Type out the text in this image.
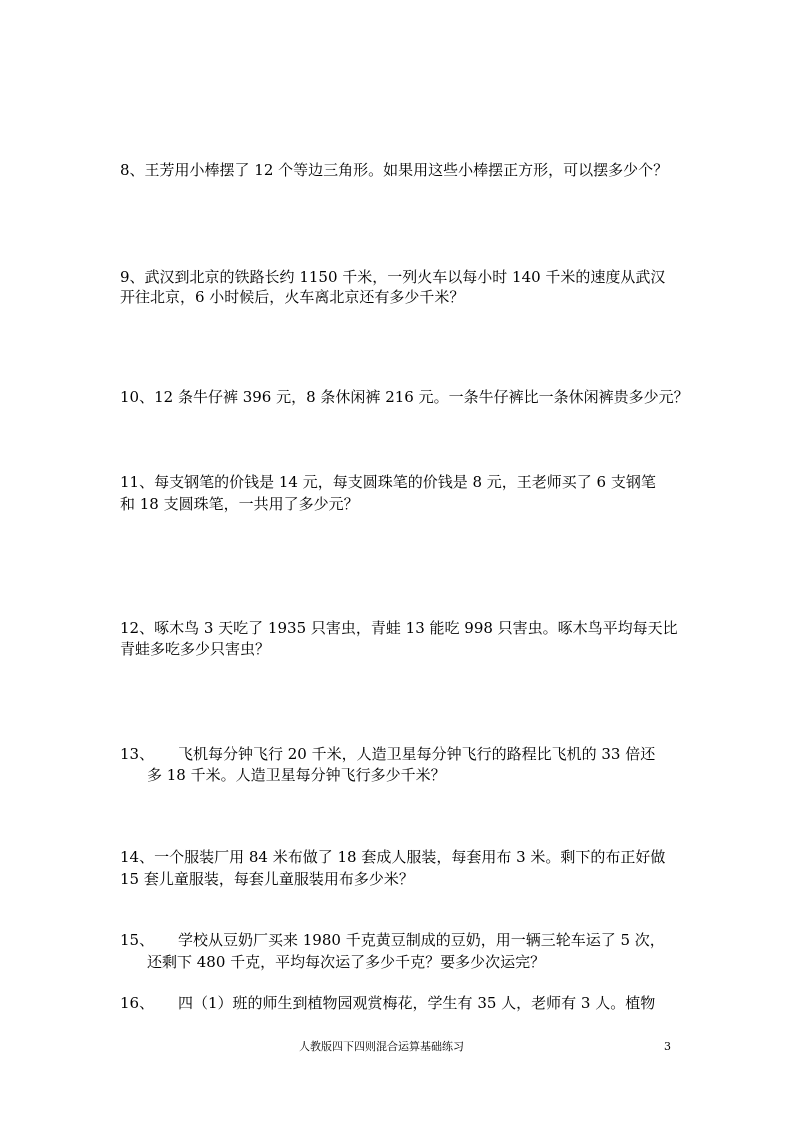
8、王芳用小棒摆了 12 个等边三角形。如果用这些小棒摆正方形，可以摆多少个？
9、武汉到北京的铁路长约 1150 千米，一列火车以每小时 140 千米的速度从武汉
开往北京，6 小时候后，火车离北京还有多少千米？
10、12 条牛仔裤 396 元，8 条休闲裤 216 元。一条牛仔裤比一条休闲裤贵多少元？
11、每支钢笔的价钱是 14 元，每支圆珠笔的价钱是 8 元，王老师买了 6 支钢笔
和 18 支圆珠笔，一共用了多少元？
12、啄木鸟 3 天吃了 1935 只害虫，青蛙 13 能吃 998 只害虫。啄木鸟平均每天比
青蛙多吃多少只害虫？
13、 飞机每分钟飞行 20 千米，人造卫星每分钟飞行的路程比飞机的 33 倍还
多 18 千米。人造卫星每分钟飞行多少千米？
14、一个服装厂用 84 米布做了 18 套成人服装，每套用布 3 米。剩下的布正好做
15 套儿童服装，每套儿童服装用布多少米？
15、 学校从豆奶厂买来 1980 千克黄豆制成的豆奶，用一辆三轮车运了 5 次，
还剩下 480 千克，平均每次运了多少千克？要多少次运完？
16、 四（1）班的师生到植物园观赏梅花，学生有 35 人，老师有 3 人。植物
人教版四下四则混合运算基础练习	3
